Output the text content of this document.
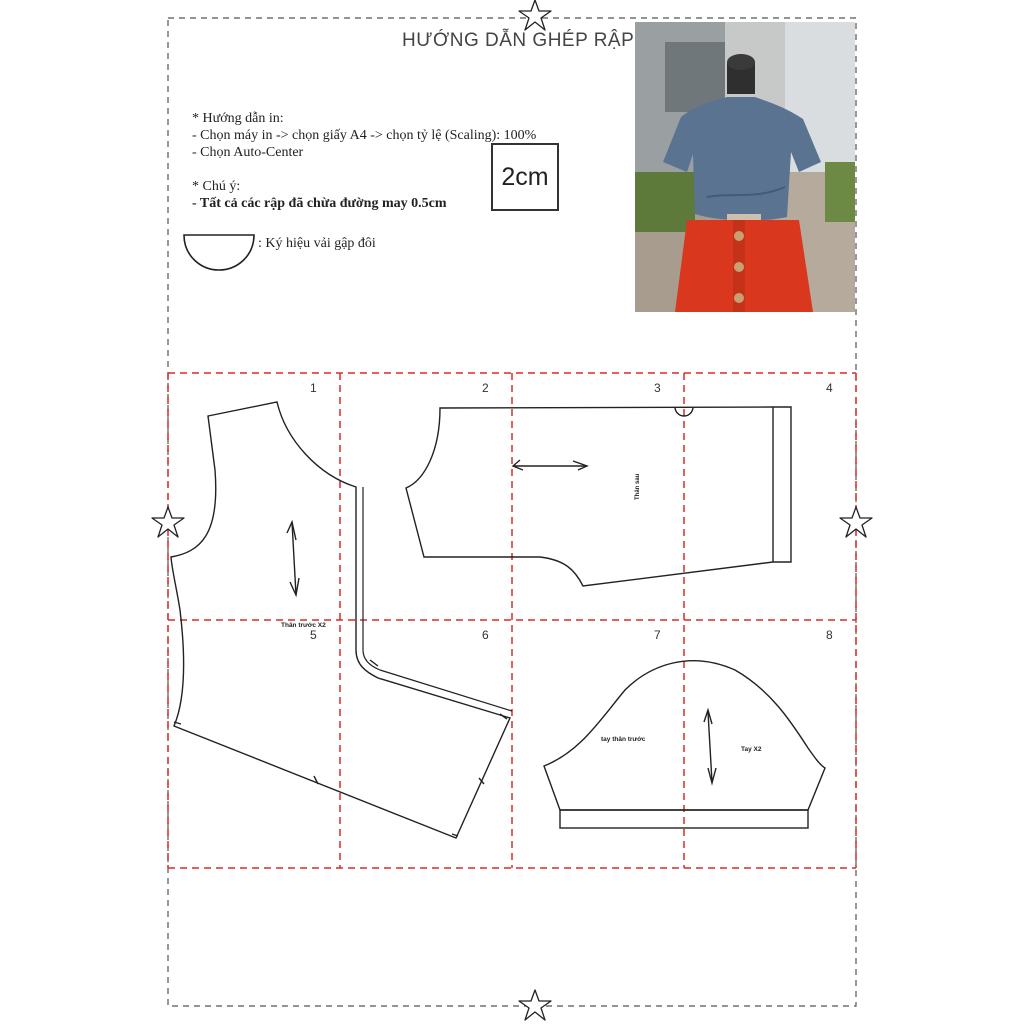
1	2	3	4
5	6	7	8
Thân trước X2
Thân sau
tay thân trước
Tay X2
HƯỚNG DẪN GHÉP RẬP
* Hướng dẫn in:
- Chọn máy in -> chọn giấy A4 -> chọn tỷ lệ (Scaling): 100%
- Chọn Auto-Center
* Chú ý:
- Tất cả các rập đã chừa đường may 0.5cm
2cm
: Ký hiệu vải gập đôi
